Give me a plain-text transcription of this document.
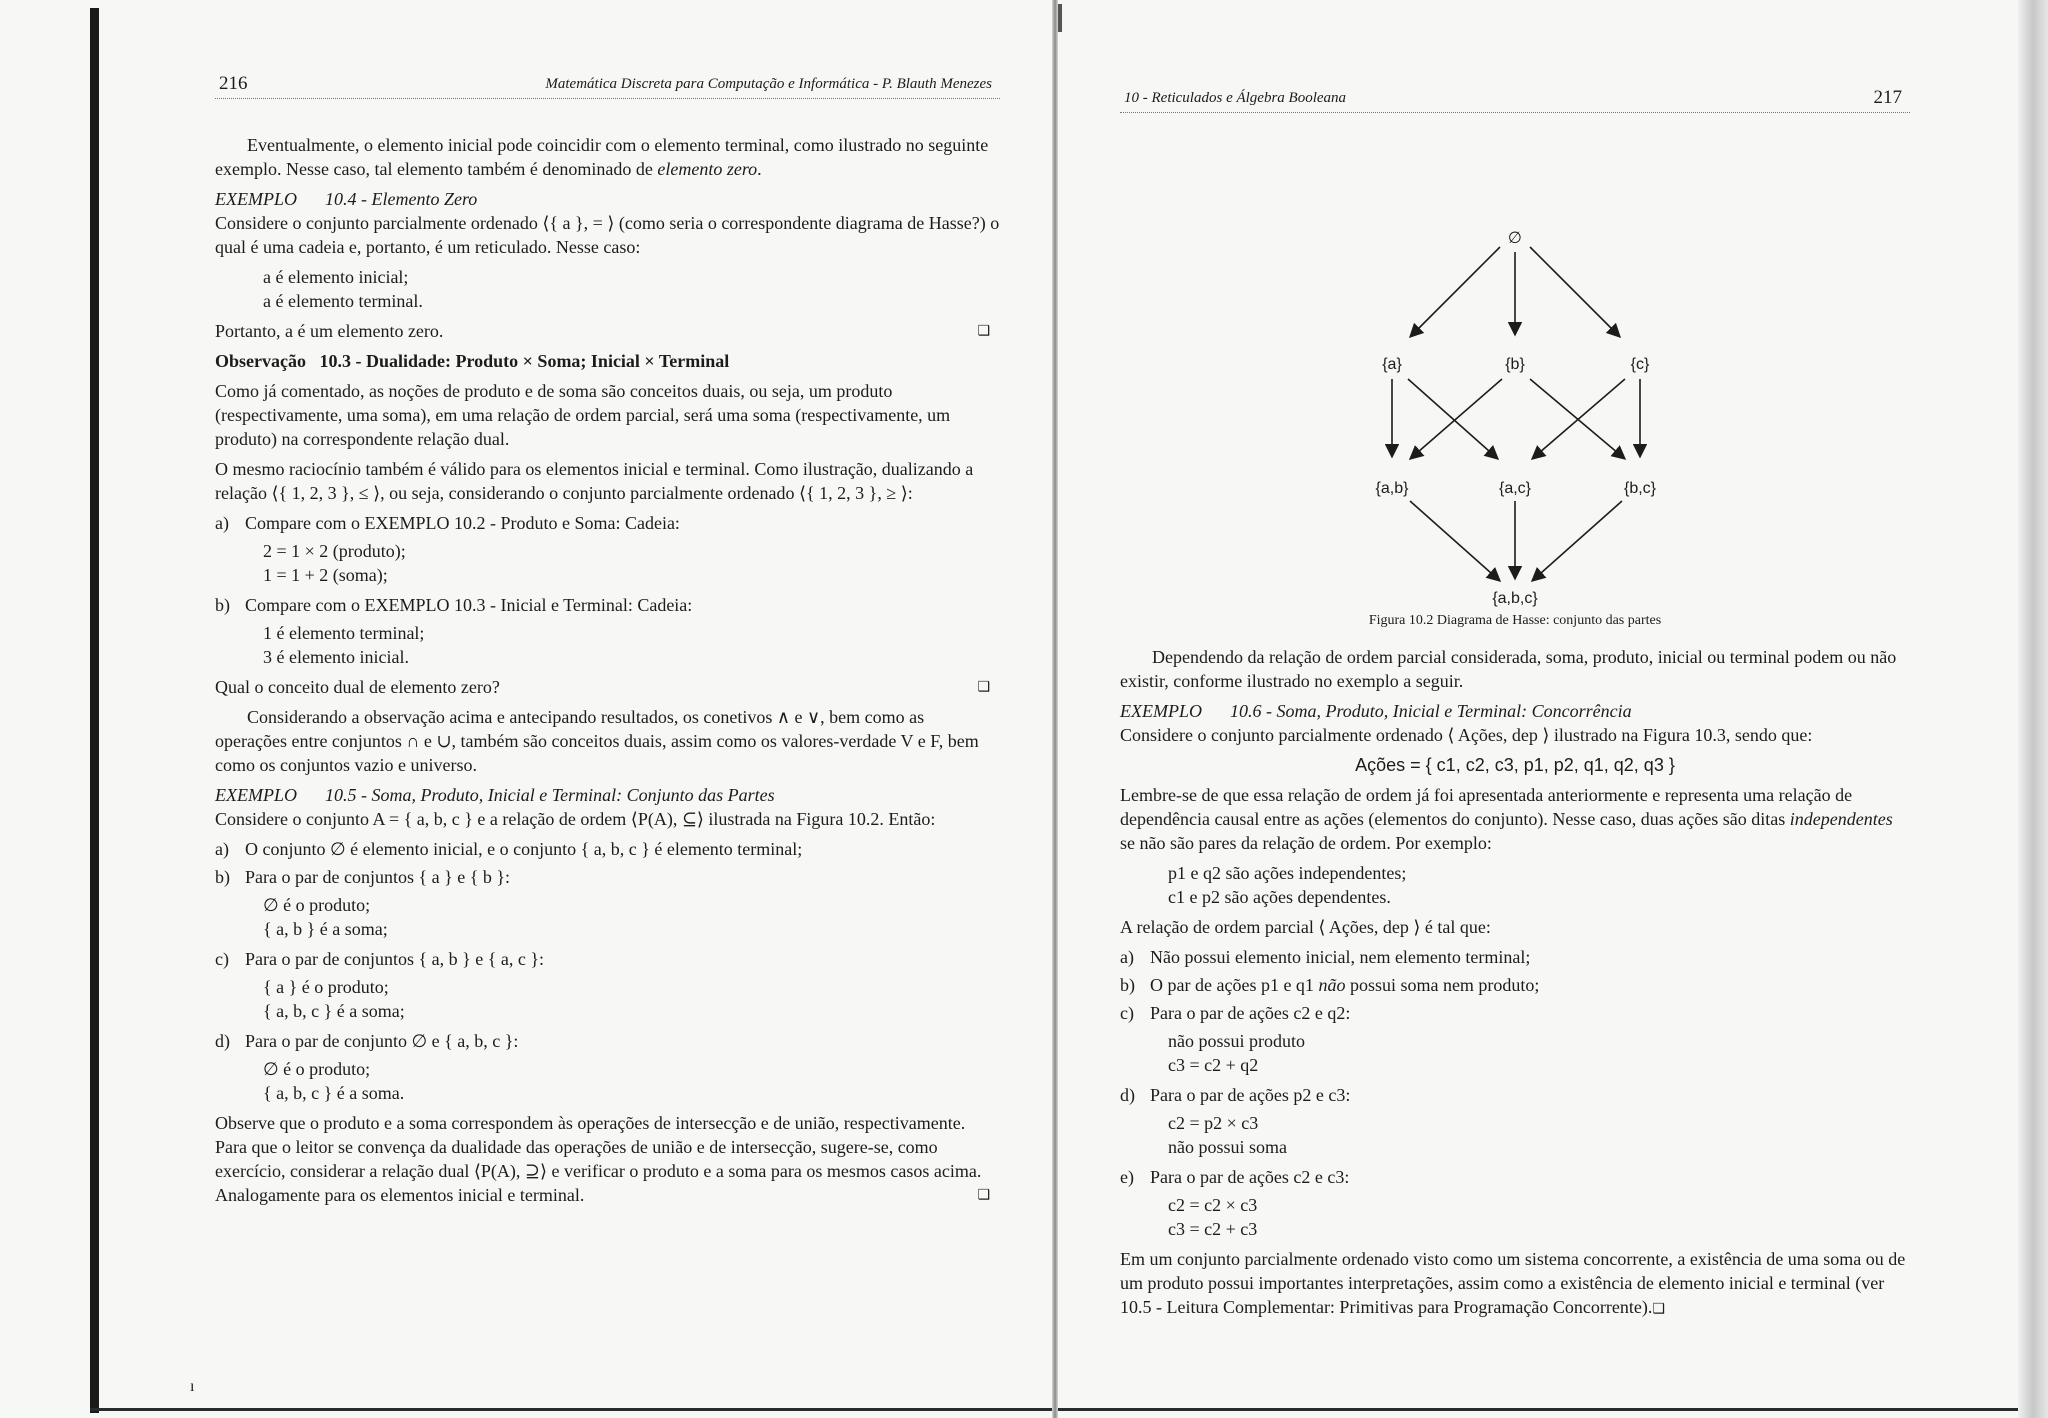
216	Matemática Discreta para Computação e Informática - P. Blauth Menezes

Eventualmente, o elemento inicial pode coincidir com o elemento terminal, como ilustrado no seguinte exemplo. Nesse caso, tal elemento também é denominado de elemento zero.

EXEMPLO 10.4 - Elemento Zero

Considere o conjunto parcialmente ordenado ⟨{ a }, = ⟩ (como seria o correspondente diagrama de Hasse?) o qual é uma cadeia e, portanto, é um reticulado. Nesse caso:

a é elemento inicial;
a é elemento terminal.

❑
Portanto, a é um elemento zero.

Observação 10.3 - Dualidade: Produto × Soma; Inicial × Terminal

Como já comentado, as noções de produto e de soma são conceitos duais, ou seja, um produto (respectivamente, uma soma), em uma relação de ordem parcial, será uma soma (respectivamente, um produto) na correspondente relação dual.

O mesmo raciocínio também é válido para os elementos inicial e terminal. Como ilustração, dualizando a relação ⟨{ 1, 2, 3 }, ≤ ⟩, ou seja, considerando o conjunto parcialmente ordenado ⟨{ 1, 2, 3 }, ≥ ⟩:

a) Compare com o EXEMPLO 10.2 - Produto e Soma: Cadeia:
2 = 1 × 2 (produto);
1 = 1 + 2 (soma);
b) Compare com o EXEMPLO 10.3 - Inicial e Terminal: Cadeia:
1 é elemento terminal;
3 é elemento inicial.

❑
Qual o conceito dual de elemento zero?

Considerando a observação acima e antecipando resultados, os conetivos ∧ e ∨, bem como as operações entre conjuntos ∩ e ∪, também são conceitos duais, assim como os valores-verdade V e F, bem como os conjuntos vazio e universo.

EXEMPLO 10.5 - Soma, Produto, Inicial e Terminal: Conjunto das Partes

Considere o conjunto A = { a, b, c } e a relação de ordem ⟨P(A), ⊆⟩ ilustrada na Figura 10.2. Então:

a) O conjunto ∅ é elemento inicial, e o conjunto { a, b, c } é elemento terminal;
b) Para o par de conjuntos { a } e { b }:
∅ é o produto;
{ a, b } é a soma;
c) Para o par de conjuntos { a, b } e { a, c }:
{ a } é o produto;
{ a, b, c } é a soma;
d) Para o par de conjunto ∅ e { a, b, c }:
∅ é o produto;
{ a, b, c } é a soma.

Observe que o produto e a soma correspondem às operações de intersecção e de união, respectivamente. Para que o leitor se convença da dualidade das operações de união e de intersecção, sugere-se, como exercício, considerar a relação dual ⟨P(A), ⊇⟩ e verificar o produto e a soma para os mesmos casos acima. Analogamente para os elementos inicial e terminal.	❑

ı
10 - Reticulados e Álgebra Booleana	217
∅
{a}	{b}	{c}
{a,b}	{a,c}	{b,c}
{a,b,c}

Figura 10.2 Diagrama de Hasse: conjunto das partes

Dependendo da relação de ordem parcial considerada, soma, produto, inicial ou terminal podem ou não existir, conforme ilustrado no exemplo a seguir.

EXEMPLO 10.6 - Soma, Produto, Inicial e Terminal: Concorrência

Considere o conjunto parcialmente ordenado ⟨ Ações, dep ⟩ ilustrado na Figura 10.3, sendo que:

Ações = { c1, c2, c3, p1, p2, q1, q2, q3 }

Lembre-se de que essa relação de ordem já foi apresentada anteriormente e representa uma relação de dependência causal entre as ações (elementos do conjunto). Nesse caso, duas ações são ditas independentes se não são pares da relação de ordem. Por exemplo:

p1 e q2 são ações independentes;
c1 e p2 são ações dependentes.

A relação de ordem parcial ⟨ Ações, dep ⟩ é tal que:

a) Não possui elemento inicial, nem elemento terminal;
b) O par de ações p1 e q1 não possui soma nem produto;
c) Para o par de ações c2 e q2:
não possui produto
c3 = c2 + q2
d) Para o par de ações p2 e c3:
c2 = p2 × c3
não possui soma
e) Para o par de ações c2 e c3:
c2 = c2 × c3
c3 = c2 + c3

Em um conjunto parcialmente ordenado visto como um sistema concorrente, a existência de uma soma ou de um produto possui importantes interpretações, assim como a existência de elemento inicial e terminal (ver 10.5 - Leitura Complementar: Primitivas para Programação Concorrente).❑
